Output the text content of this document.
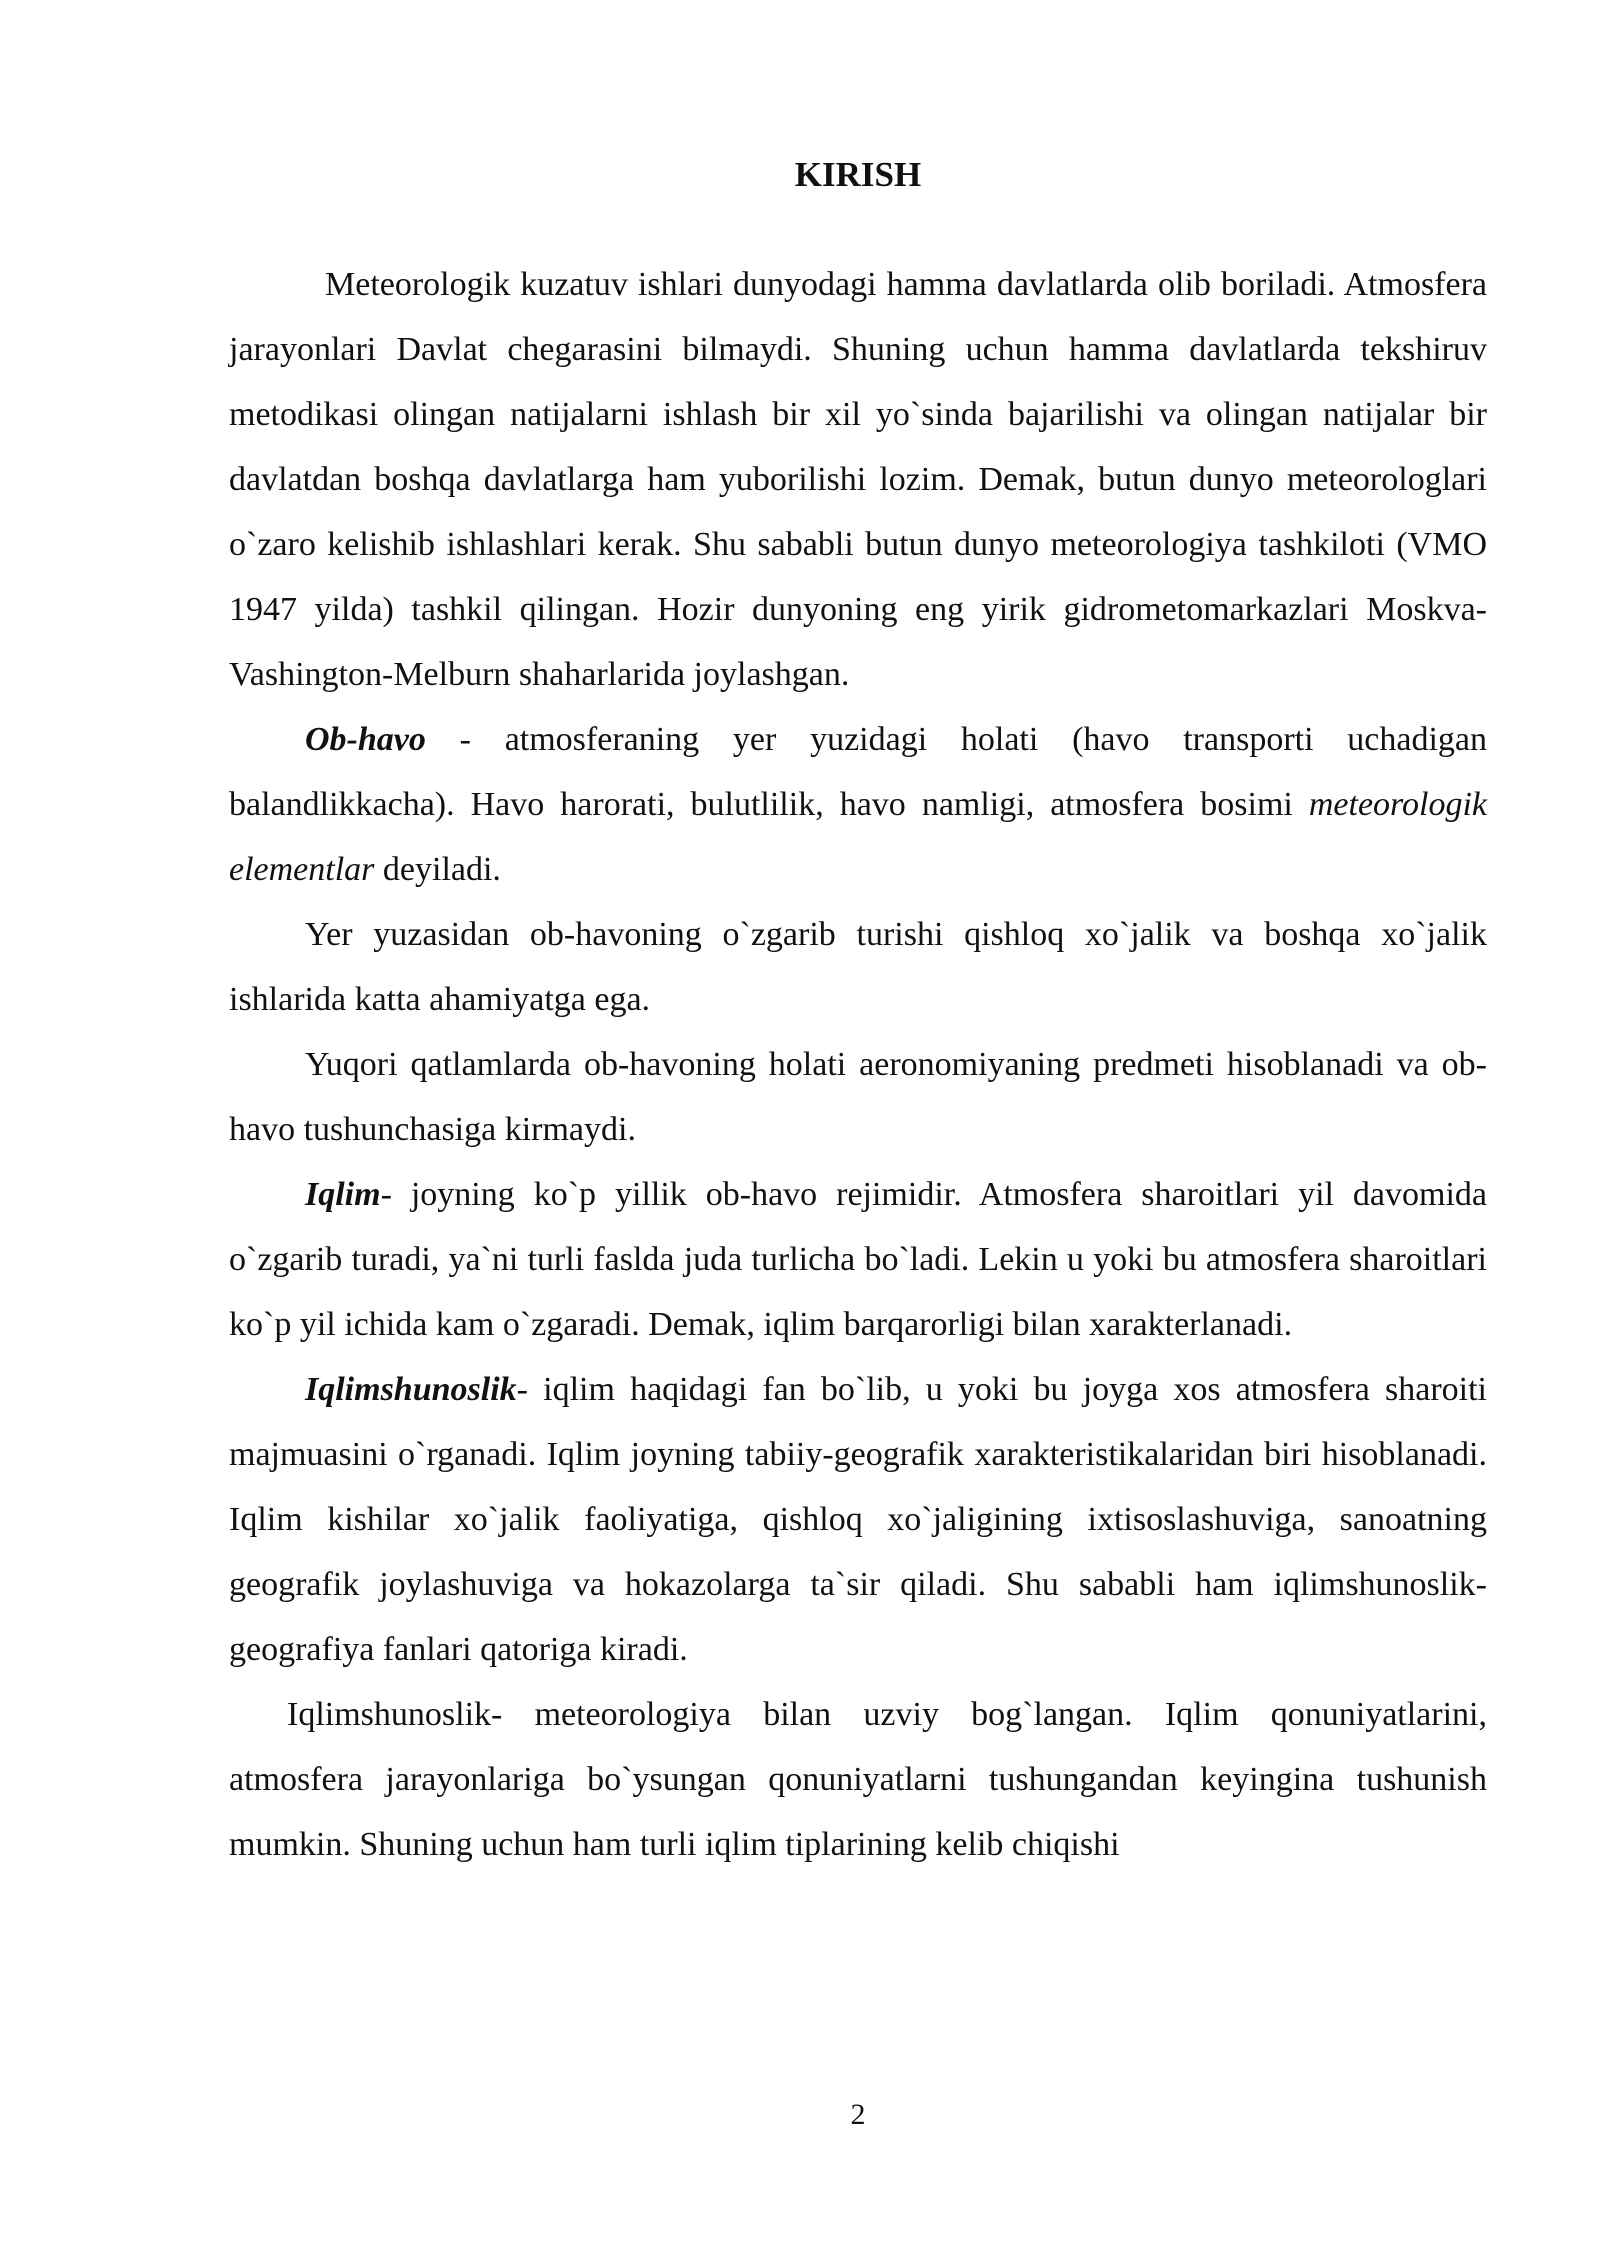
KIRISH

Meteorologik kuzatuv ishlari dunyodagi hamma davlatlarda olib boriladi. Atmosfera jarayonlari Davlat chegarasini bilmaydi. Shuning uchun hamma davlatlarda tekshiruv metodikasi olingan natijalarni ishlash bir xil yo`sinda bajarilishi va olingan natijalar bir davlatdan boshqa davlatlarga ham yuborilishi lozim. Demak, butun dunyo meteorologlari o`zaro kelishib ishlashlari kerak. Shu sababli butun dunyo meteorologiya tashkiloti (VMO 1947 yilda) tashkil qilingan. Hozir dunyoning eng yirik gidrometomarkazlari Moskva-Vashington-Melburn shaharlarida joylashgan.

Ob-havo - atmosferaning yer yuzidagi holati (havo transporti uchadigan balandlikkacha). Havo harorati, bulutlilik, havo namligi, atmosfera bosimi meteorologik elementlar deyiladi.

Yer yuzasidan ob-havoning o`zgarib turishi qishloq xo`jalik va boshqa xo`jalik ishlarida katta ahamiyatga ega.

Yuqori qatlamlarda ob-havoning holati aeronomiyaning predmeti hisoblanadi va ob-havo tushunchasiga kirmaydi.

Iqlim- joyning ko`p yillik ob-havo rejimidir. Atmosfera sharoitlari yil davomida o`zgarib turadi, ya`ni turli faslda juda turlicha bo`ladi. Lekin u yoki bu atmosfera sharoitlari ko`p yil ichida kam o`zgaradi. Demak, iqlim barqarorligi bilan xarakterlanadi.

Iqlimshunoslik- iqlim haqidagi fan bo`lib, u yoki bu joyga xos atmosfera sharoiti majmuasini o`rganadi. Iqlim joyning tabiiy-geografik xarakteristikalaridan biri hisoblanadi. Iqlim kishilar xo`jalik faoliyatiga, qishloq xo`jaligining ixtisoslashuviga, sanoatning geografik joylashuviga va hokazolarga ta`sir qiladi. Shu sababli ham iqlimshunoslik-geografiya fanlari qatoriga kiradi.

Iqlimshunoslik- meteorologiya bilan uzviy bog`langan. Iqlim qonuniyatlarini, atmosfera jarayonlariga bo`ysungan qonuniyatlarni tushungandan keyingina tushunish mumkin. Shuning uchun ham turli iqlim tiplarining kelib chiqishi

2
